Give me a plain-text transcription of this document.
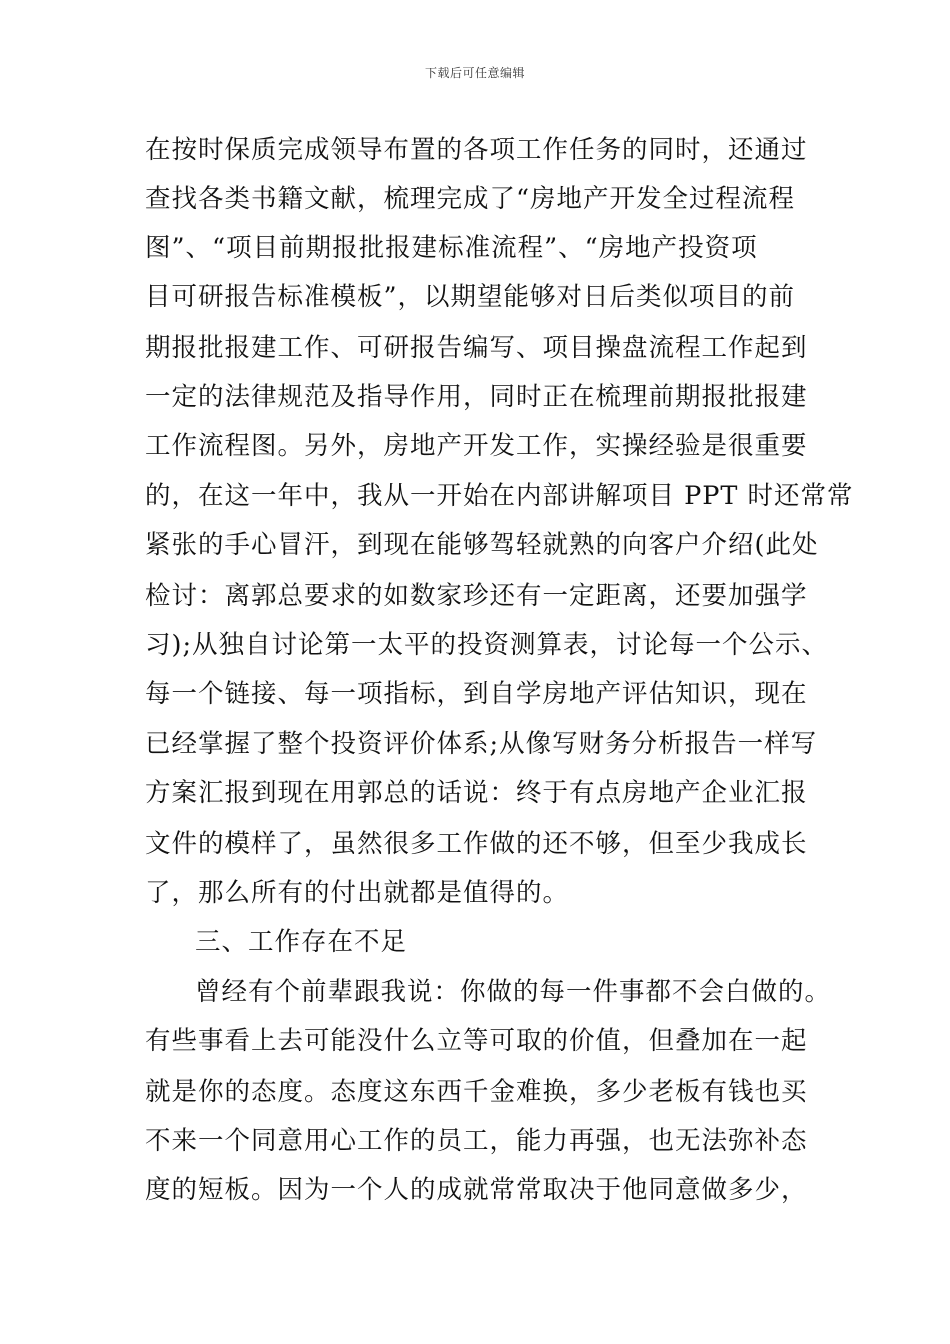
下载后可任意编辑
在按时保质完成领导布置的各项工作任务的同时，还通过
查找各类书籍文献，梳理完成了“房地产开发全过程流程
图”、“项目前期报批报建标准流程”、“房地产投资项
目可研报告标准模板”，以期望能够对日后类似项目的前
期报批报建工作、可研报告编写、项目操盘流程工作起到
一定的法律规范及指导作用，同时正在梳理前期报批报建
工作流程图。另外，房地产开发工作，实操经验是很重要
的，在这一年中，我从一开始在内部讲解项目 PPT 时还常常
紧张的手心冒汗，到现在能够驾轻就熟的向客户介绍(此处
检讨：离郭总要求的如数家珍还有一定距离，还要加强学
习);从独自讨论第一太平的投资测算表，讨论每一个公示、
每一个链接、每一项指标，到自学房地产评估知识，现在
已经掌握了整个投资评价体系;从像写财务分析报告一样写
方案汇报到现在用郭总的话说：终于有点房地产企业汇报
文件的模样了，虽然很多工作做的还不够，但至少我成长
了，那么所有的付出就都是值得的。
三、工作存在不足
曾经有个前辈跟我说：你做的每一件事都不会白做的。
有些事看上去可能没什么立等可取的价值，但叠加在一起
就是你的态度。态度这东西千金难换，多少老板有钱也买
不来一个同意用心工作的员工，能力再强，也无法弥补态
度的短板。因为一个人的成就常常取决于他同意做多少，
